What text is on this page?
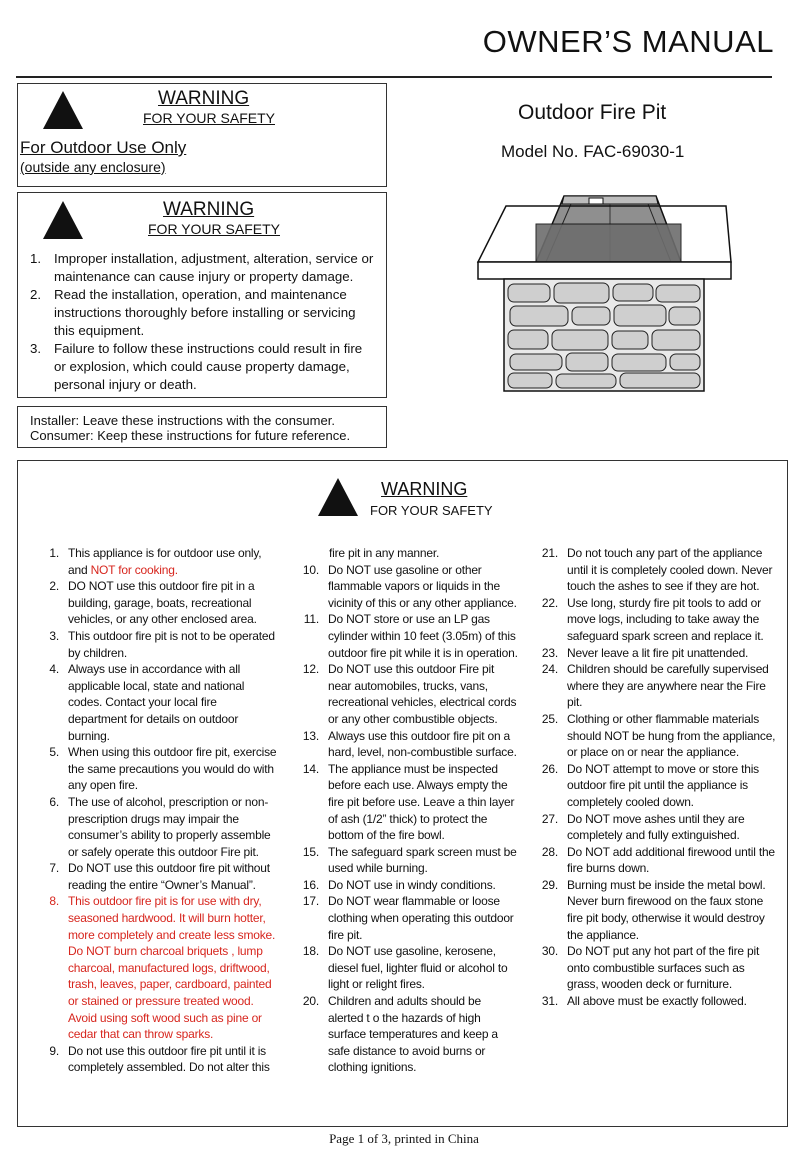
OWNER’S MANUAL
!
WARNING
FOR YOUR SAFETY
For Outdoor Use Only
(outside any enclosure)
!
WARNING
FOR YOUR SAFETY
1. Improper installation, adjustment, alteration, service or maintenance can cause injury or property damage.
2. Read the installation, operation, and maintenance instructions thoroughly before installing or servicing this equipment.
3. Failure to follow these instructions could result in fire or explosion, which could cause property damage, personal injury or death.
Installer: Leave these instructions with the consumer.
Consumer: Keep these instructions for future reference.
Outdoor Fire Pit
Model No. FAC-69030-1
!
WARNING
FOR YOUR SAFETY
1. This appliance is for outdoor use only,
and NOT for cooking.
2. DO NOT use this outdoor fire pit in a building, garage, boats, recreational vehicles, or any other enclosed area.
3. This outdoor fire pit is not to be operated by children.
4. Always use in accordance with all applicable local, state and national codes. Contact your local fire department for details on outdoor burning.
5. When using this outdoor fire pit, exercise the same precautions you would do with any open fire.
6. The use of alcohol, prescription or non-prescription drugs may impair the consumer’s ability to properly assemble or safely operate this outdoor Fire pit.
7. Do NOT use this outdoor fire pit without reading the entire “Owner’s Manual”.
8. This outdoor fire pit is for use with dry, seasoned hardwood. It will burn hotter, more completely and create less smoke. Do NOT burn charcoal briquets , lump charcoal, manufactured logs, driftwood, trash, leaves, paper, cardboard, painted or stained or pressure treated wood. Avoid using soft wood such as pine or cedar that can throw sparks.
9. Do not use this outdoor fire pit until it is completely assembled. Do not alter this
fire pit in any manner.
10. Do NOT use gasoline or other flammable vapors or liquids in the vicinity of this or any other appliance.
11. Do NOT store or use an LP gas cylinder within 10 feet (3.05m) of this outdoor fire pit while it is in operation.
12. Do NOT use this outdoor Fire pit near automobiles, trucks, vans, recreational vehicles, electrical cords or any other combustible objects.
13. Always use this outdoor fire pit on a hard, level, non-combustible surface.
14. The appliance must be inspected before each use. Always empty the fire pit before use. Leave a thin layer of ash (1/2” thick) to protect the bottom of the fire bowl.
15. The safeguard spark screen must be used while burning.
16. Do NOT use in windy conditions.
17. Do NOT wear flammable or loose clothing when operating this outdoor fire pit.
18. Do NOT use gasoline, kerosene, diesel fuel, lighter fluid or alcohol to light or relight fires.
20. Children and adults should be alerted t o the hazards of high surface temperatures and keep a safe distance to avoid burns or clothing ignitions.
21. Do not touch any part of the appliance until it is completely cooled down. Never touch the ashes to see if they are hot.
22. Use long, sturdy fire pit tools to add or move logs, including to take away the safeguard spark screen and replace it.
23. Never leave a lit fire pit unattended.
24. Children should be carefully supervised where they are anywhere near the Fire pit.
25. Clothing or other flammable materials should NOT be hung from the appliance, or place on or near the appliance.
26. Do NOT attempt to move or store this outdoor fire pit until the appliance is completely cooled down.
27. Do NOT move ashes until they are completely and fully extinguished.
28. Do NOT add additional firewood until the fire burns down.
29. Burning must be inside the metal bowl. Never burn firewood on the faux stone fire pit body, otherwise it would destroy the appliance.
30. Do NOT put any hot part of the fire pit onto combustible surfaces such as grass, wooden deck or furniture.
31. All above must be exactly followed.
Page 1 of 3, printed in China
